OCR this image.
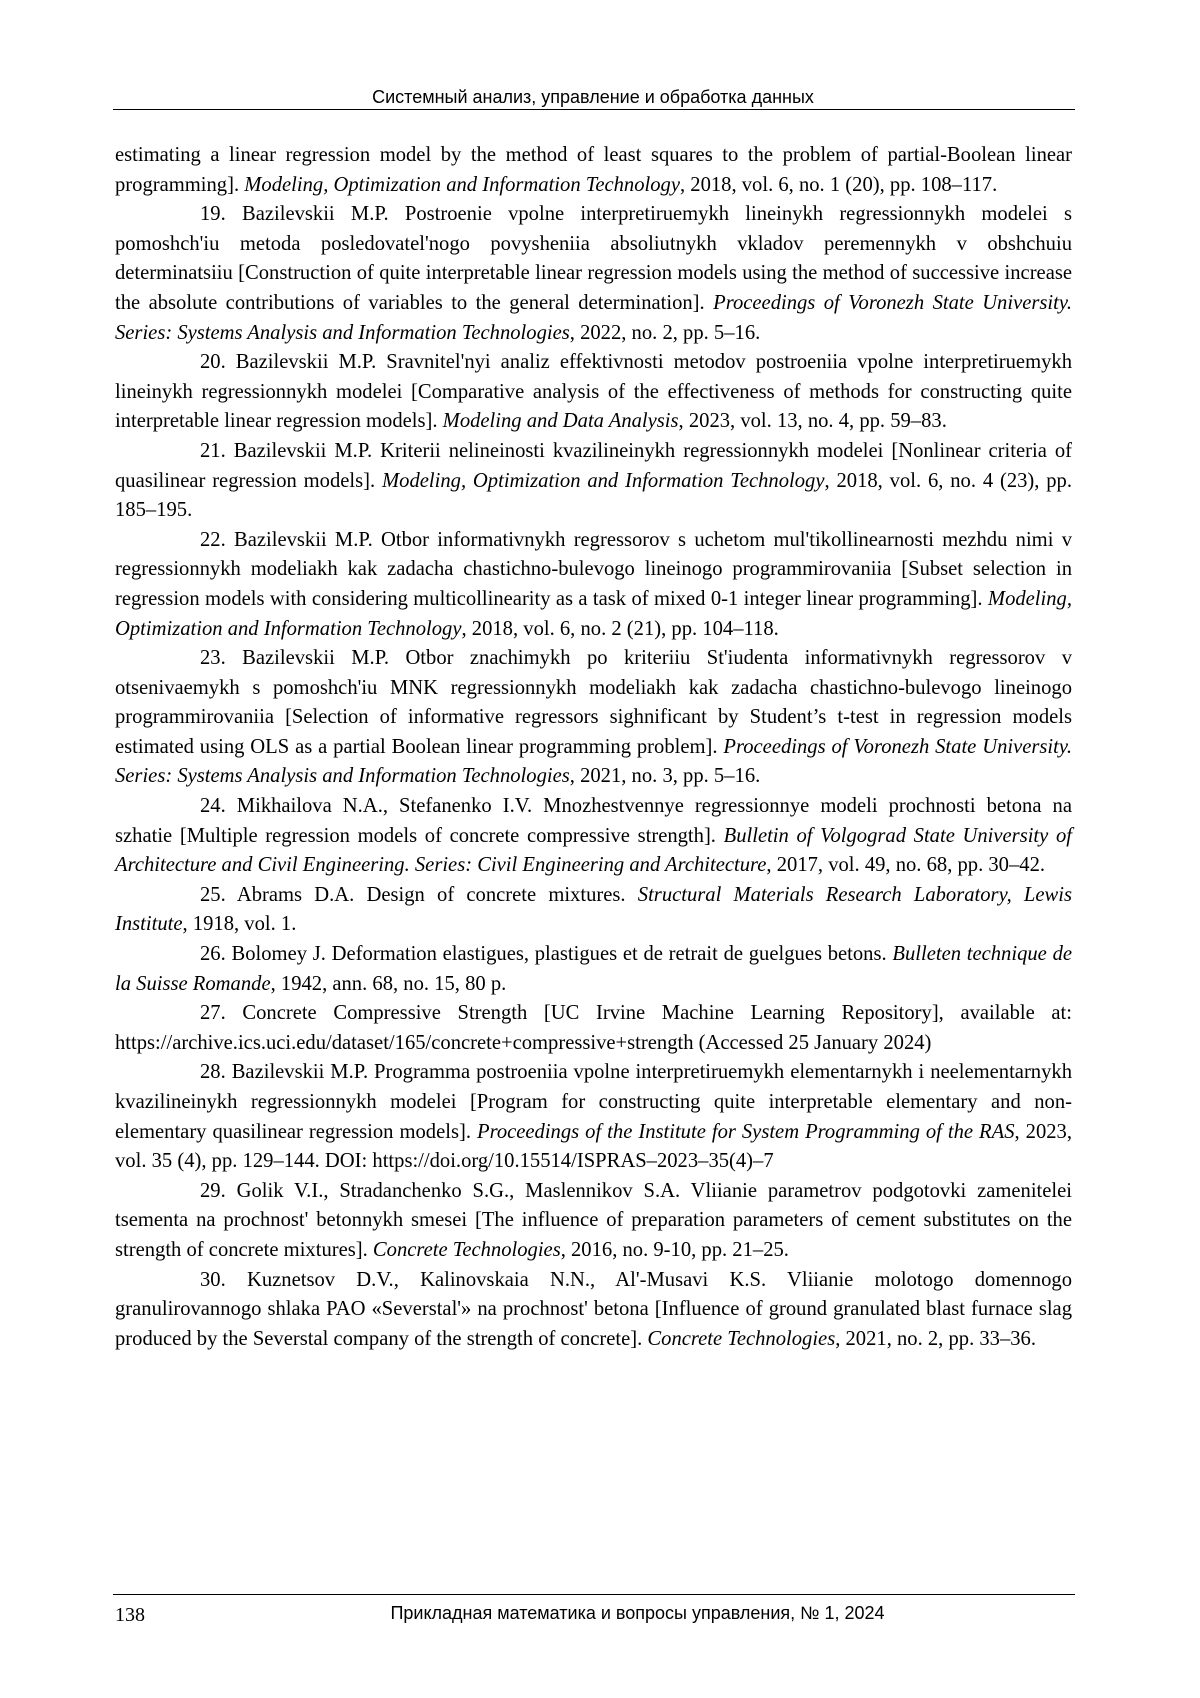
Системный анализ, управление и обработка данных

estimating a linear regression model by the method of least squares to the problem of partial-Boolean linear programming]. Modeling, Optimization and Information Technology, 2018, vol. 6, no. 1 (20), pp. 108–117.

19. Bazilevskii M.P. Postroenie vpolne interpretiruemykh lineinykh regressionnykh modelei s pomoshch'iu metoda posledovatel'nogo povysheniia absoliutnykh vkladov peremennykh v obshchuiu determinatsiiu [Construction of quite interpretable linear regression models using the method of successive increase the absolute contributions of variables to the general determination]. Proceedings of Voronezh State University. Series: Systems Analysis and Information Technologies, 2022, no. 2, pp. 5–16.

20. Bazilevskii M.P. Sravnitel'nyi analiz effektivnosti metodov postroeniia vpolne interpretiruemykh lineinykh regressionnykh modelei [Comparative analysis of the effectiveness of methods for constructing quite interpretable linear regression models]. Modeling and Data Analysis, 2023, vol. 13, no. 4, pp. 59–83.

21. Bazilevskii M.P. Kriterii nelineinosti kvazilineinykh regressionnykh modelei [Nonlinear criteria of quasilinear regression models]. Modeling, Optimization and Information Technology, 2018, vol. 6, no. 4 (23), pp. 185–195.

22. Bazilevskii M.P. Otbor informativnykh regressorov s uchetom mul'tikollinearnosti mezhdu nimi v regressionnykh modeliakh kak zadacha chastichno-bulevogo lineinogo programmirovaniia [Subset selection in regression models with considering multicollinearity as a task of mixed 0-1 integer linear programming]. Modeling, Optimization and Information Technology, 2018, vol. 6, no. 2 (21), pp. 104–118.

23. Bazilevskii M.P. Otbor znachimykh po kriteriiu St'iudenta informativnykh regressorov v otsenivaemykh s pomoshch'iu MNK regressionnykh modeliakh kak zadacha chastichno-bulevogo lineinogo programmirovaniia [Selection of informative regressors sighnificant by Student’s t-test in regression models estimated using OLS as a partial Boolean linear programming problem]. Proceedings of Voronezh State University. Series: Systems Analysis and Information Technologies, 2021, no. 3, pp. 5–16.

24. Mikhailova N.A., Stefanenko I.V. Mnozhestvennye regressionnye modeli prochnosti betona na szhatie [Multiple regression models of concrete compressive strength]. Bulletin of Volgograd State University of Architecture and Civil Engineering. Series: Civil Engineering and Architecture, 2017, vol. 49, no. 68, pp. 30–42.

25. Abrams D.A. Design of concrete mixtures. Structural Materials Research Laboratory, Lewis Institute, 1918, vol. 1.

26. Bolomey J. Deformation elastigues, plastigues et de retrait de guelgues betons. Bulleten technique de la Suisse Romande, 1942, ann. 68, no. 15, 80 p.

27. Concrete Compressive Strength [UC Irvine Machine Learning Repository], available at: https://archive.ics.uci.edu/dataset/165/concrete+compressive+strength (Accessed 25 January 2024)

28. Bazilevskii M.P. Programma postroeniia vpolne interpretiruemykh elementarnykh i neelementarnykh kvazilineinykh regressionnykh modelei [Program for constructing quite interpretable elementary and non-elementary quasilinear regression models]. Proceedings of the Institute for System Programming of the RAS, 2023, vol. 35 (4), pp. 129–144. DOI: https://doi.org/10.15514/ISPRAS–2023–35(4)–7

29. Golik V.I., Stradanchenko S.G., Maslennikov S.A. Vliianie parametrov podgotovki zamenitelei tsementa na prochnost' betonnykh smesei [The influence of preparation parameters of cement substitutes on the strength of concrete mixtures]. Concrete Technologies, 2016, no. 9-10, pp. 21–25.

30. Kuznetsov D.V., Kalinovskaia N.N., Al'-Musavi K.S. Vliianie molotogo domennogo granulirovannogo shlaka PAO «Severstal'» na prochnost' betona [Influence of ground granulated blast furnace slag produced by the Severstal company of the strength of concrete]. Concrete Technologies, 2021, no. 2, pp. 33–36.

138	Прикладная математика и вопросы управления, № 1, 2024
